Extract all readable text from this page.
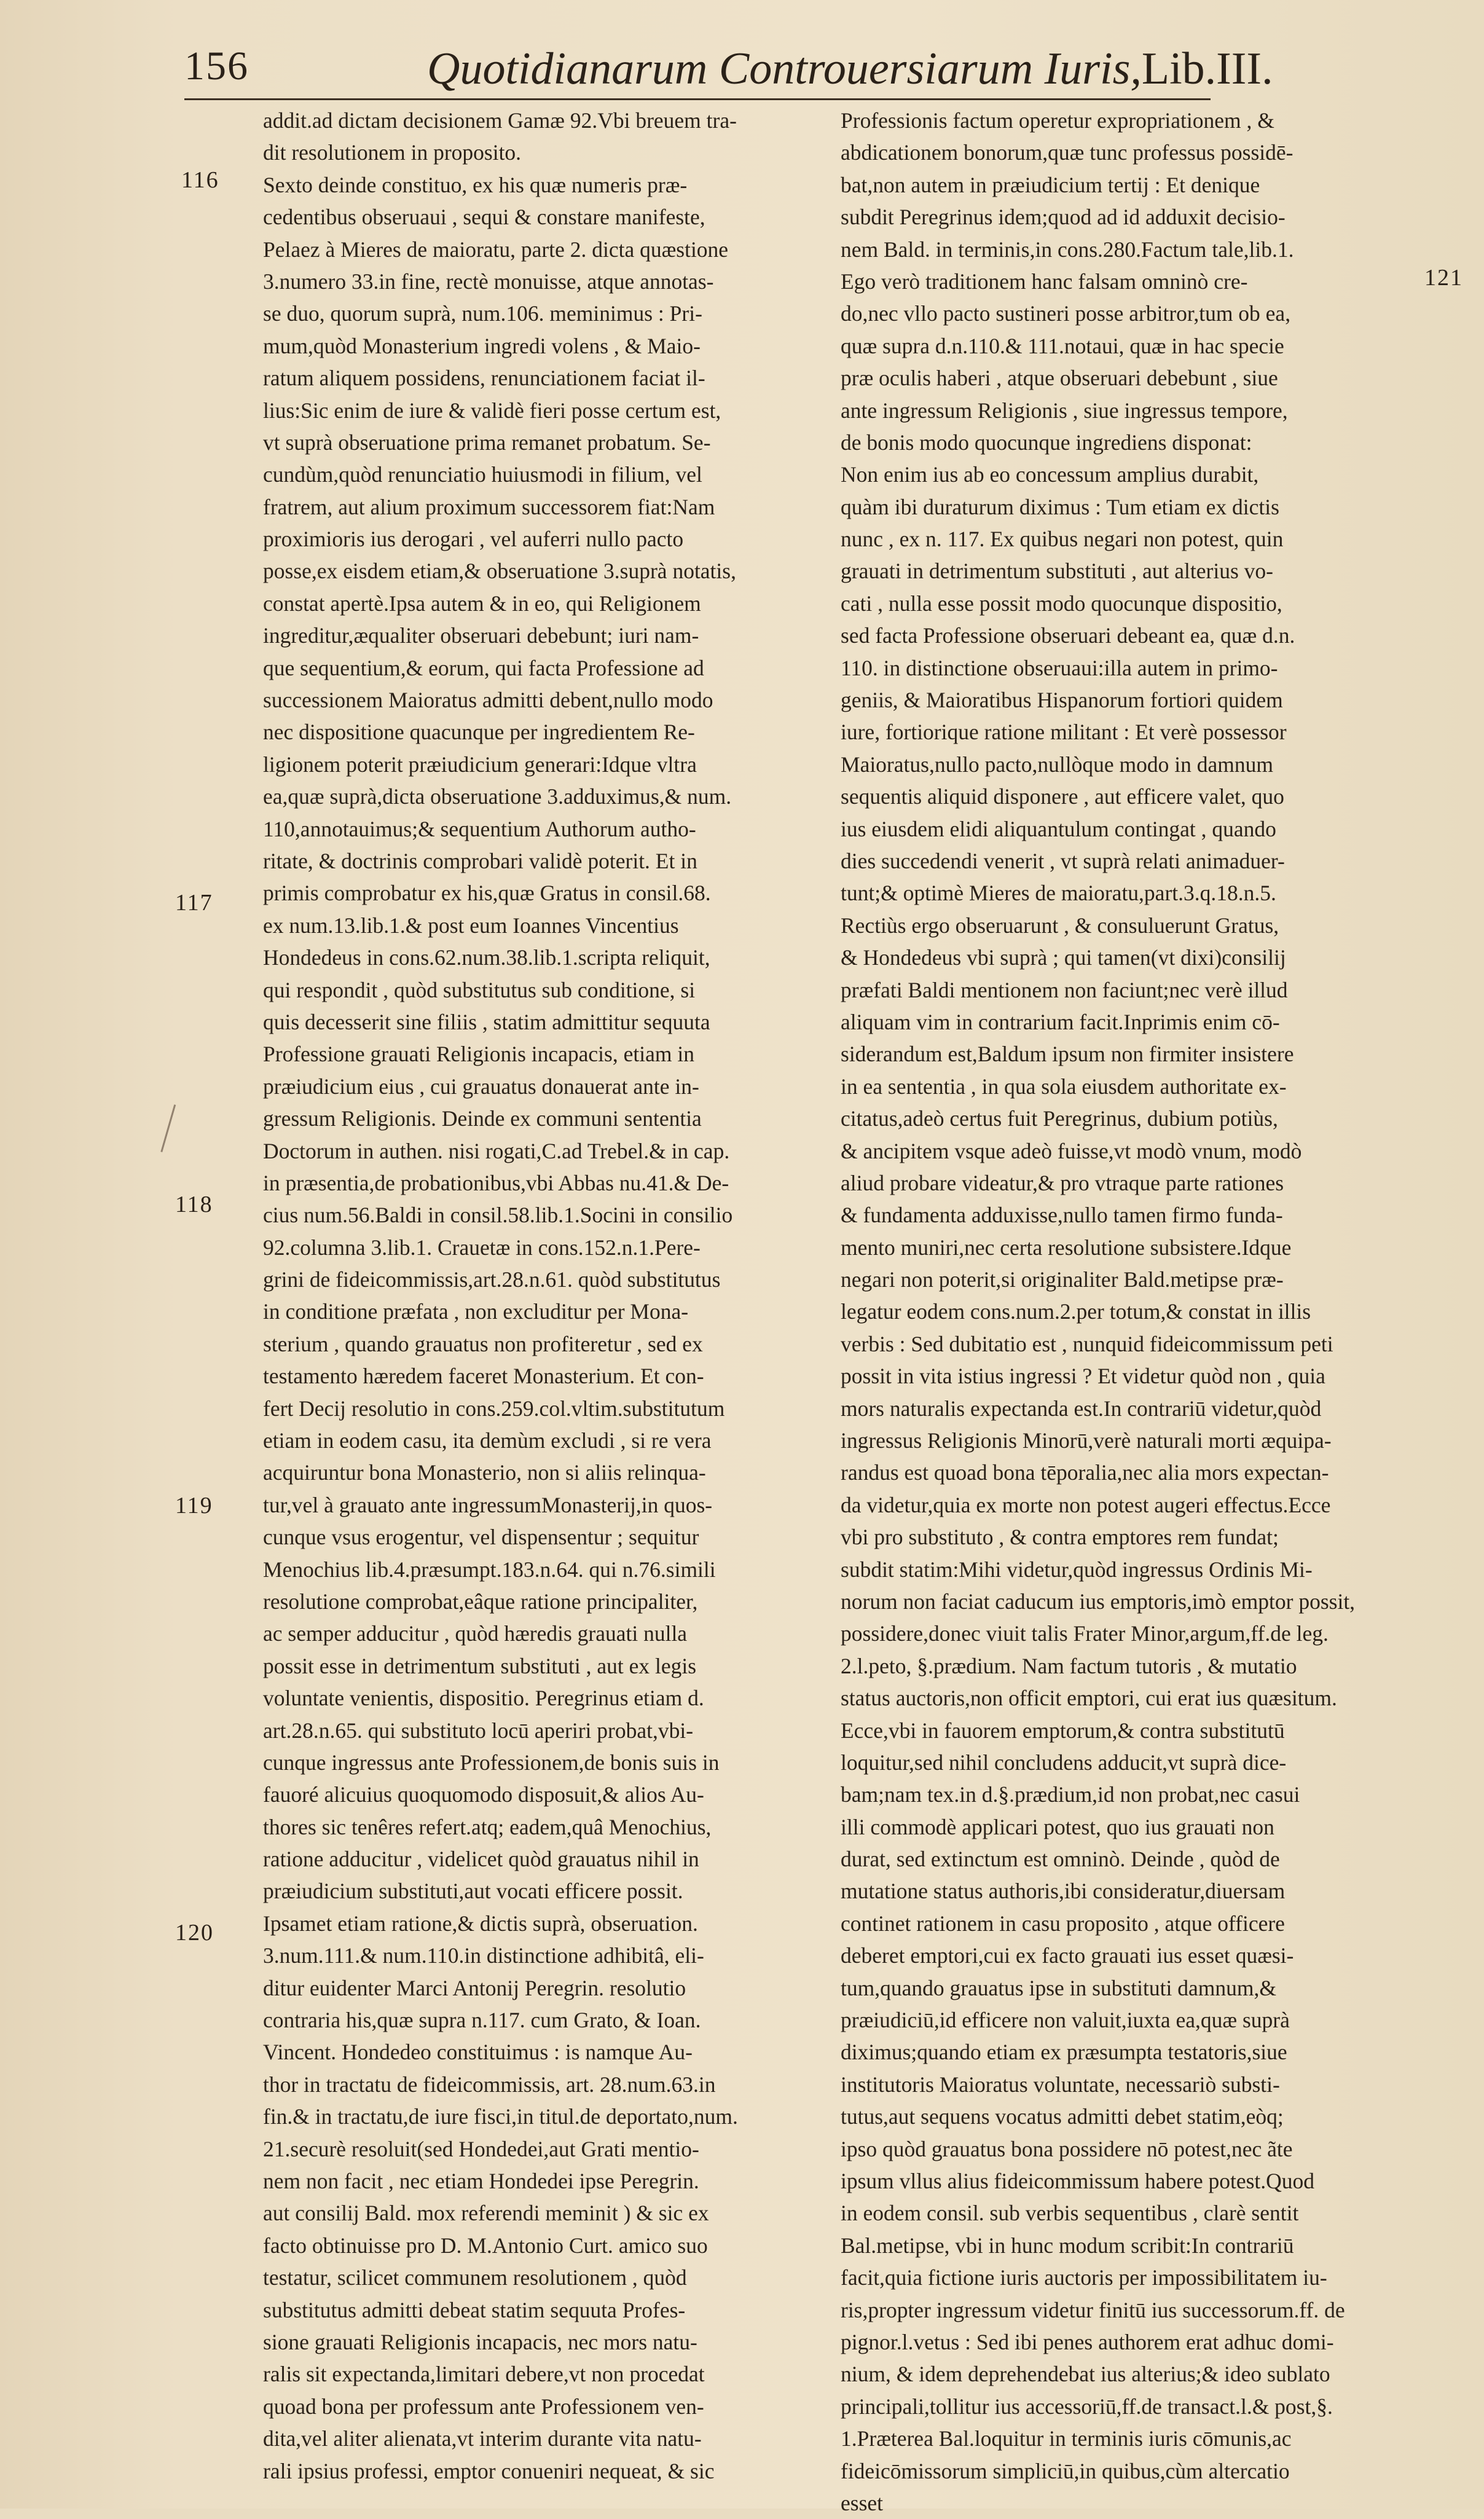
156	Quotidianarum Controuersiarum Iuris,Lib.III.
addit.ad dictam decisionem Gamæ 92.Vbi breuem tra-
dit resolutionem in proposito.
Sexto deinde constituo, ex his quæ numeris præ-
cedentibus obseruaui , sequi & constare manifeste,
Pelaez à Mieres de maioratu, parte 2. dicta quæstione
3.numero 33.in fine, rectè monuisse, atque annotas-
se duo, quorum suprà, num.106. meminimus : Pri-
mum,quòd Monasterium ingredi volens , & Maio-
ratum aliquem possidens, renunciationem faciat il-
lius:Sic enim de iure & validè fieri posse certum est,
vt suprà obseruatione prima remanet probatum. Se-
cundùm,quòd renunciatio huiusmodi in filium, vel
fratrem, aut alium proximum successorem fiat:Nam
proximioris ius derogari , vel auferri nullo pacto
posse,ex eisdem etiam,& obseruatione 3.suprà notatis,
constat apertè.Ipsa autem & in eo, qui Religionem
ingreditur,æqualiter obseruari debebunt; iuri nam-
que sequentium,& eorum, qui facta Professione ad
successionem Maioratus admitti debent,nullo modo
nec dispositione quacunque per ingredientem Re-
ligionem poterit præiudicium generari:Idque vltra
ea,quæ suprà,dicta obseruatione 3.adduximus,& num.
110,annotauimus;& sequentium Authorum autho-
ritate, & doctrinis comprobari validè poterit. Et in
primis comprobatur ex his,quæ Gratus in consil.68.
ex num.13.lib.1.& post eum Ioannes Vincentius
Hondedeus in cons.62.num.38.lib.1.scripta reliquit,
qui respondit , quòd substitutus sub conditione, si
quis decesserit sine filiis , statim admittitur sequuta
Professione grauati Religionis incapacis, etiam in
præiudicium eius , cui grauatus donauerat ante in-
gressum Religionis. Deinde ex communi sententia
Doctorum in authen. nisi rogati,C.ad Trebel.& in cap.
in præsentia,de probationibus,vbi Abbas nu.41.& De-
cius num.56.Baldi in consil.58.lib.1.Socini in consilio
92.columna 3.lib.1. Crauetæ in cons.152.n.1.Pere-
grini de fideicommissis,art.28.n.61. quòd substitutus
in conditione præfata , non excluditur per Mona-
sterium , quando grauatus non profiteretur , sed ex
testamento hæredem faceret Monasterium. Et con-
fert Decij resolutio in cons.259.col.vltim.substitutum
etiam in eodem casu, ita demùm excludi , si re vera
acquiruntur bona Monasterio, non si aliis relinqua-
tur,vel à grauato ante ingressumMonasterij,in quos-
cunque vsus erogentur, vel dispensentur ; sequitur
Menochius lib.4.præsumpt.183.n.64. qui n.76.simili
resolutione comprobat,eâque ratione principaliter,
ac semper adducitur , quòd hæredis grauati nulla
possit esse in detrimentum substituti , aut ex legis
voluntate venientis, dispositio. Peregrinus etiam d.
art.28.n.65. qui substituto locū aperiri probat,vbi-
cunque ingressus ante Professionem,de bonis suis in
fauoré alicuius quoquomodo disposuit,& alios Au-
thores sic tenêres refert.atq; eadem,quâ Menochius,
ratione adducitur , videlicet quòd grauatus nihil in
præiudicium substituti,aut vocati efficere possit.
Ipsamet etiam ratione,& dictis suprà, obseruation.
3.num.111.& num.110.in distinctione adhibitâ, eli-
ditur euidenter Marci Antonij Peregrin. resolutio
contraria his,quæ supra n.117. cum Grato, & Ioan.
Vincent. Hondedeo constituimus : is namque Au-
thor in tractatu de fideicommissis, art. 28.num.63.in
fin.& in tractatu,de iure fisci,in titul.de deportato,num.
21.securè resoluit(sed Hondedei,aut Grati mentio-
nem non facit , nec etiam Hondedei ipse Peregrin.
aut consilij Bald. mox referendi meminit ) & sic ex
facto obtinuisse pro D. M.Antonio Curt. amico suo
testatur, scilicet communem resolutionem , quòd
substitutus admitti debeat statim sequuta Profes-
sione grauati Religionis incapacis, nec mors natu-
ralis sit expectanda,limitari debere,vt non procedat
quoad bona per professum ante Professionem ven-
dita,vel aliter alienata,vt interim durante vita natu-
rali ipsius professi, emptor conueniri nequeat, & sic
Professionis factum operetur expropriationem , &
abdicationem bonorum,quæ tunc professus possidē-
bat,non autem in præiudicium tertij : Et denique
subdit Peregrinus idem;quod ad id adduxit decisio-
nem Bald. in terminis,in cons.280.Factum tale,lib.1.
Ego verò traditionem hanc falsam omninò cre-
do,nec vllo pacto sustineri posse arbitror,tum ob ea,
quæ supra d.n.110.& 111.notaui, quæ in hac specie
præ oculis haberi , atque obseruari debebunt , siue
ante ingressum Religionis , siue ingressus tempore,
de bonis modo quocunque ingrediens disponat:
Non enim ius ab eo concessum amplius durabit,
quàm ibi duraturum diximus : Tum etiam ex dictis
nunc , ex n. 117. Ex quibus negari non potest, quin
grauati in detrimentum substituti , aut alterius vo-
cati , nulla esse possit modo quocunque dispositio,
sed facta Professione obseruari debeant ea, quæ d.n.
110. in distinctione obseruaui:illa autem in primo-
geniis, & Maioratibus Hispanorum fortiori quidem
iure, fortiorique ratione militant : Et verè possessor
Maioratus,nullo pacto,nullòque modo in damnum
sequentis aliquid disponere , aut efficere valet, quo
ius eiusdem elidi aliquantulum contingat , quando
dies succedendi venerit , vt suprà relati animaduer-
tunt;& optimè Mieres de maioratu,part.3.q.18.n.5.
Rectiùs ergo obseruarunt , & consuluerunt Gratus,
& Hondedeus vbi suprà ; qui tamen(vt dixi)consilij
præfati Baldi mentionem non faciunt;nec verè illud
aliquam vim in contrarium facit.Inprimis enim cō-
siderandum est,Baldum ipsum non firmiter insistere
in ea sententia , in qua sola eiusdem authoritate ex-
citatus,adeò certus fuit Peregrinus, dubium potiùs,
& ancipitem vsque adeò fuisse,vt modò vnum, modò
aliud probare videatur,& pro vtraque parte rationes
& fundamenta adduxisse,nullo tamen firmo funda-
mento muniri,nec certa resolutione subsistere.Idque
negari non poterit,si originaliter Bald.metipse præ-
legatur eodem cons.num.2.per totum,& constat in illis
verbis : Sed dubitatio est , nunquid fideicommissum peti
possit in vita istius ingressi ? Et videtur quòd non , quia
mors naturalis expectanda est.In contrariū videtur,quòd
ingressus Religionis Minorū,verè naturali morti æquipa-
randus est quoad bona tēporalia,nec alia mors expectan-
da videtur,quia ex morte non potest augeri effectus.Ecce
vbi pro substituto , & contra emptores rem fundat;
subdit statim:Mihi videtur,quòd ingressus Ordinis Mi-
norum non faciat caducum ius emptoris,imò emptor possit,
possidere,donec viuit talis Frater Minor,argum,ff.de leg.
2.l.peto, §.prædium. Nam factum tutoris , & mutatio
status auctoris,non officit emptori, cui erat ius quæsitum.
Ecce,vbi in fauorem emptorum,& contra substitutū
loquitur,sed nihil concludens adducit,vt suprà dice-
bam;nam tex.in d.§.prædium,id non probat,nec casui
illi commodè applicari potest, quo ius grauati non
durat, sed extinctum est omninò. Deinde , quòd de
mutatione status authoris,ibi consideratur,diuersam
continet rationem in casu proposito , atque officere
deberet emptori,cui ex facto grauati ius esset quæsi-
tum,quando grauatus ipse in substituti damnum,&
præiudiciū,id efficere non valuit,iuxta ea,quæ suprà
diximus;quando etiam ex præsumpta testatoris,siue
institutoris Maioratus voluntate, necessariò substi-
tutus,aut sequens vocatus admitti debet statim,eòq;
ipso quòd grauatus bona possidere nō potest,nec ãte
ipsum vllus alius fideicommissum habere potest.Quod
in eodem consil. sub verbis sequentibus , clarè sentit
Bal.metipse, vbi in hunc modum scribit:In contrariū
facit,quia fictione iuris auctoris per impossibilitatem iu-
ris,propter ingressum videtur finitū ius successorum.ff. de
pignor.l.vetus : Sed ibi penes authorem erat adhuc domi-
nium, & idem deprehendebat ius alterius;& ideo sublato
principali,tollitur ius accessoriū,ff.de transact.l.& post,§.
1.Præterea Bal.loquitur in terminis iuris cōmunis,ac
fideicōmissorum simpliciū,in quibus,cùm altercatio
esset
116
117
118
119
120
121
